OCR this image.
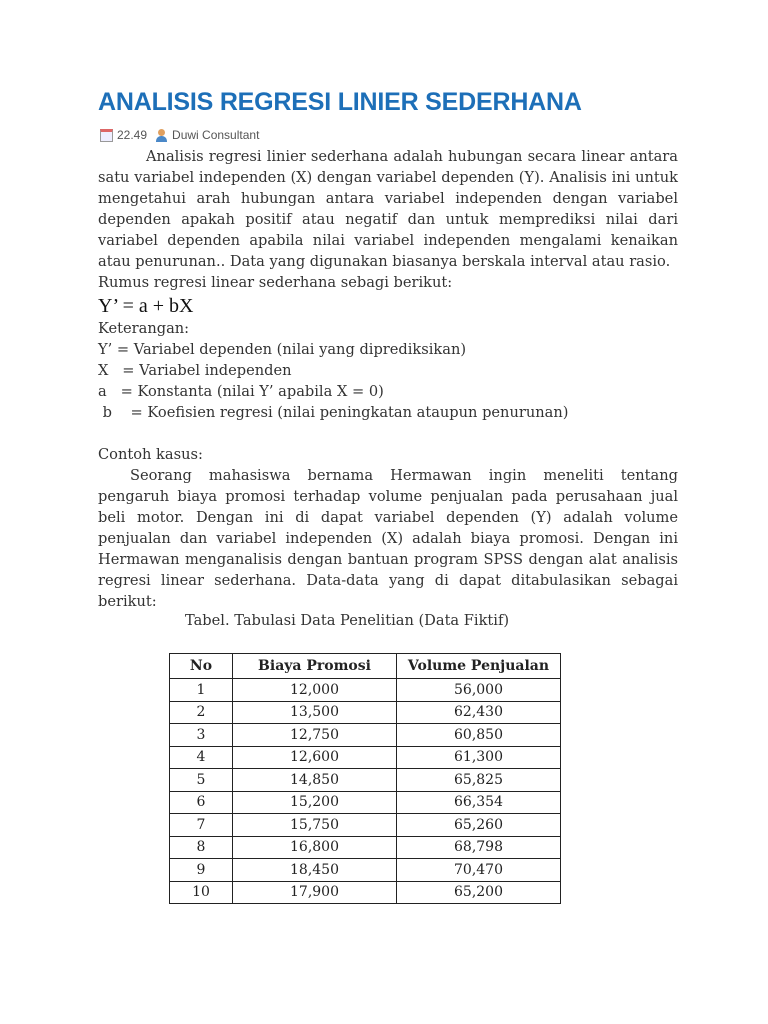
ANALISIS REGRESI LINIER SEDERHANA
22.49 Duwi Consultant

Analisis regresi linier sederhana adalah hubungan secara linear antara satu variabel independen (X) dengan variabel dependen (Y). Analisis ini untuk mengetahui arah hubungan antara variabel independen dengan variabel dependen apakah positif atau negatif dan untuk memprediksi nilai dari variabel dependen apabila nilai variabel independen mengalami kenaikan atau penurunan.. Data yang digunakan biasanya berskala interval atau rasio.

Rumus regresi linear sederhana sebagi berikut:

Y’ = a + bX

Keterangan:

Y’ = Variabel dependen (nilai yang diprediksikan)

X   = Variabel independen

a   = Konstanta (nilai Y’ apabila X = 0)

b    = Koefisien regresi (nilai peningkatan ataupun penurunan)

Contoh kasus:

Seorang mahasiswa bernama Hermawan ingin meneliti tentang pengaruh biaya promosi terhadap volume penjualan pada perusahaan jual beli motor. Dengan ini di dapat variabel dependen (Y) adalah volume penjualan dan variabel independen (X) adalah biaya promosi. Dengan ini Hermawan menganalisis dengan bantuan program SPSS dengan alat analisis regresi linear sederhana. Data-data yang di dapat ditabulasikan sebagai berikut:

Tabel. Tabulasi Data Penelitian (Data Fiktif)
No	Biaya Promosi	Volume Penjualan
1	12,000	56,000
2	13,500	62,430
3	12,750	60,850
4	12,600	61,300
5	14,850	65,825
6	15,200	66,354
7	15,750	65,260
8	16,800	68,798
9	18,450	70,470
10	17,900	65,200
